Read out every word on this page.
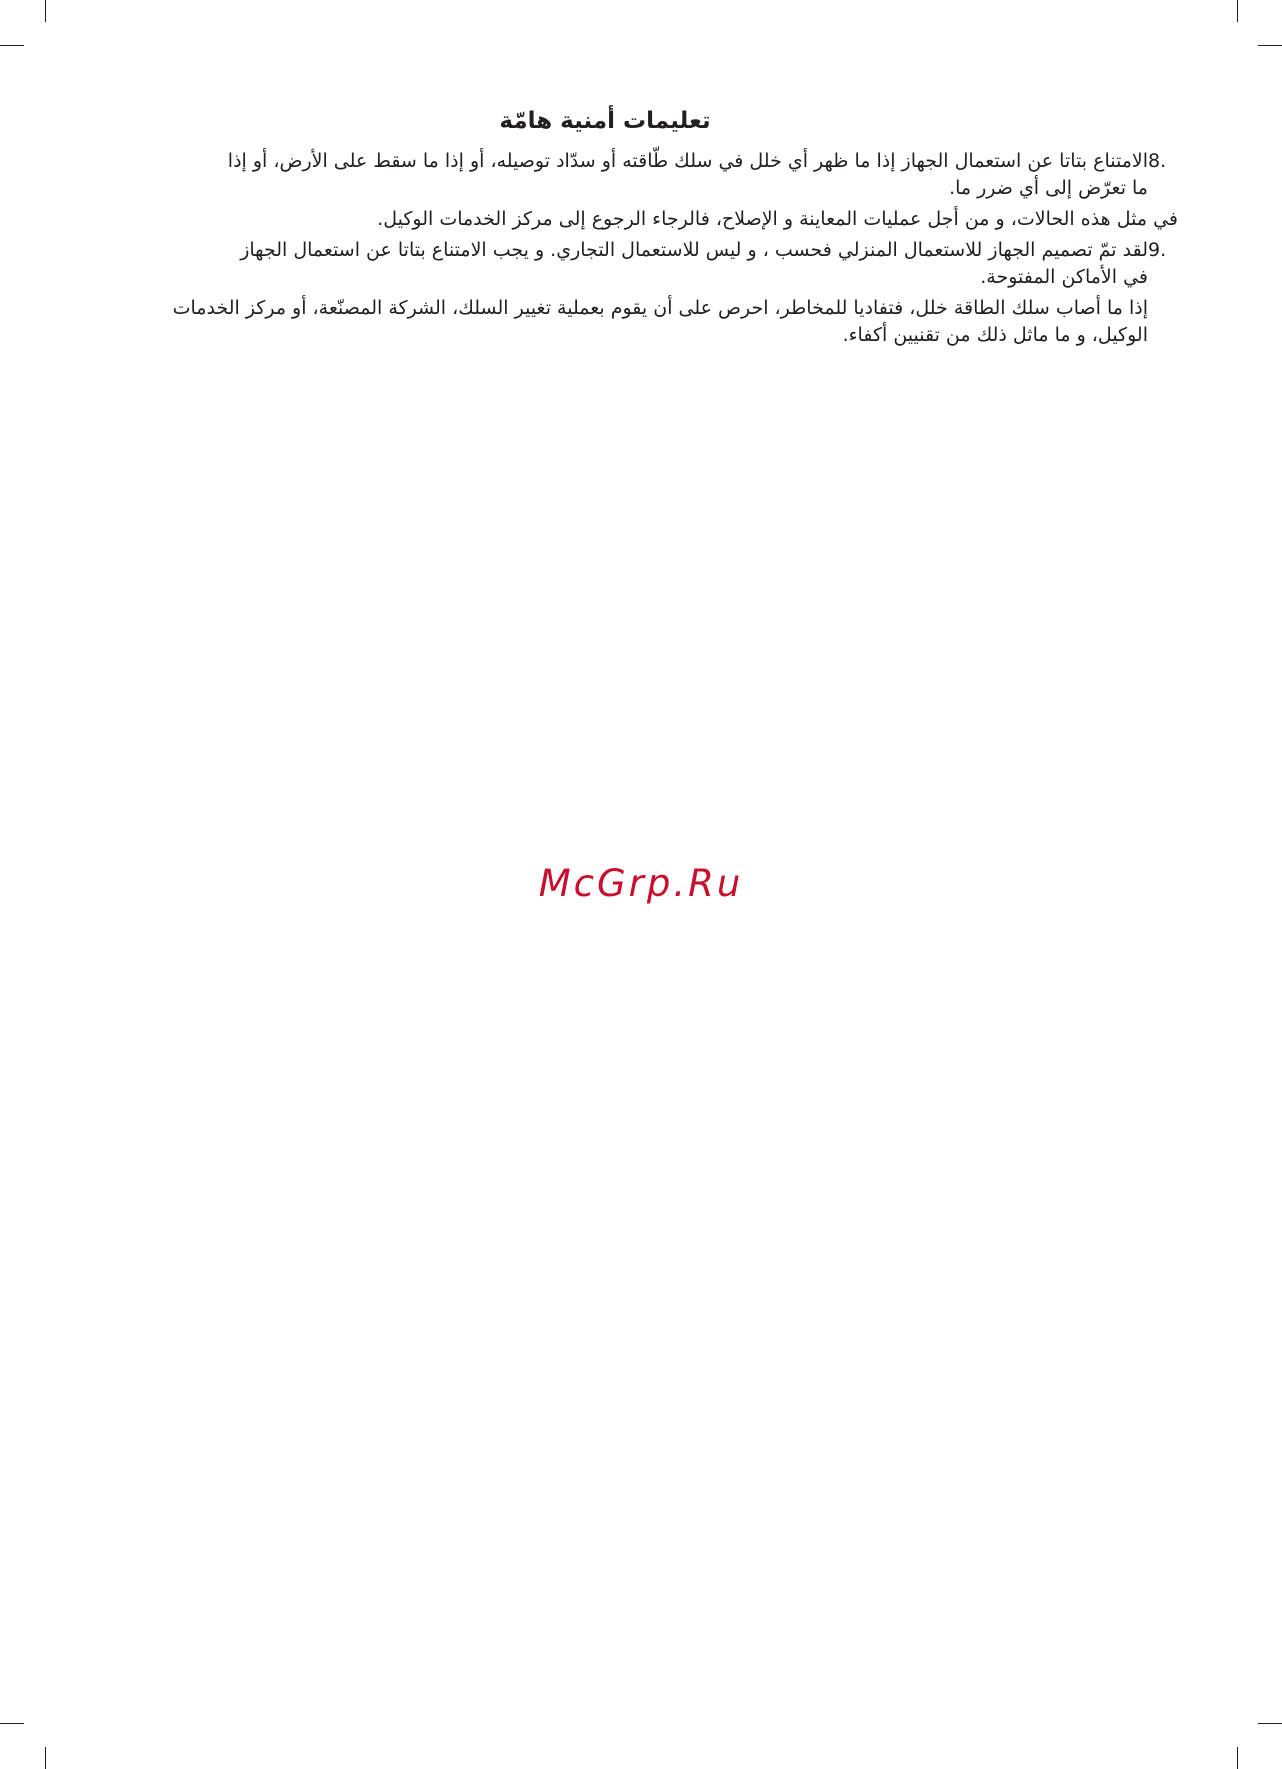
تعليمات أمنية هامّة

8.الامتناع بتاتا عن استعمال الجهاز إذا ما ظهر أي خلل في سلك طّاقته أو سدّاد توصيله، أو إذا ما سقط على الأرض، أو إذا

ما تعرّض إلى أي ضرر ما.

في مثل هذه الحالات، و من أجل عمليات المعاينة و الإصلاح، فالرجاء الرجوع إلى مركز الخدمات الوكيل.

9.لقد تمّ تصميم الجهاز للاستعمال المنزلي فحسب ، و ليس للاستعمال التجاري. و يجب الامتناع بتاتا عن استعمال الجهاز

في الأماكن المفتوحة.

إذا ما أصاب سلك الطاقة خلل، فتفاديا للمخاطر، احرص على أن يقوم بعملية تغيير السلك، الشركة المصنّعة، أو مركز الخدمات الوكيل، و ما ماثل ذلك من تقنيين أكفاء.

McGrp.Ru
